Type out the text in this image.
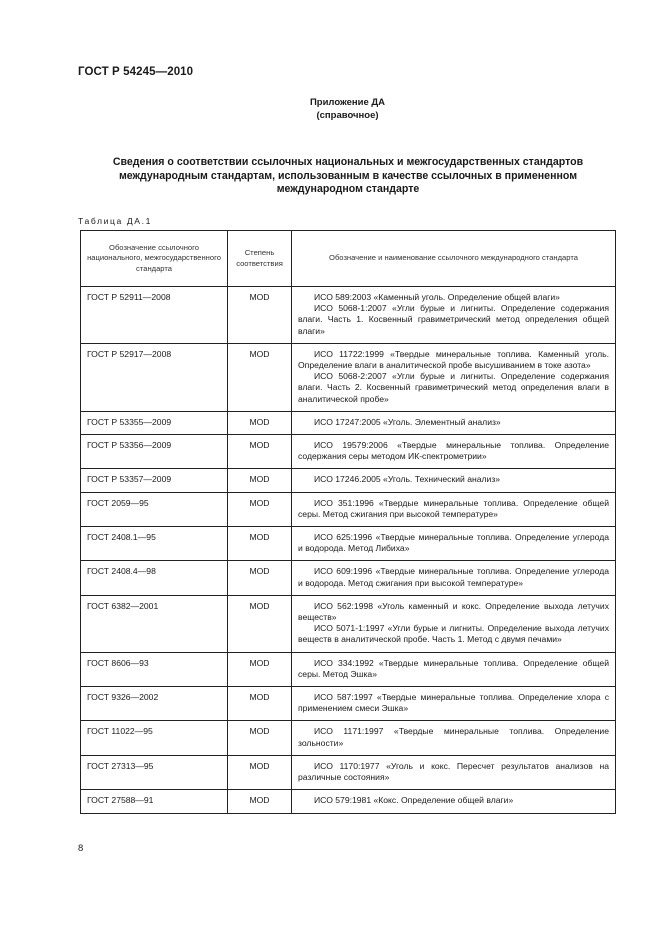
ГОСТ Р 54245—2010
Приложение ДА
(справочное)
Сведения о соответствии ссылочных национальных и межгосударственных стандартов международным стандартам, использованным в качестве ссылочных в примененном международном стандарте
Таблица ДА.1
Обозначение ссылочного национального, межгосударственного стандарта	Степень соответствия	Обозначение и наименование ссылочного международного стандарта
ГОСТ Р 52911—2008	MOD	ИСО 589:2003 «Каменный уголь. Определение общей влаги»
ИСО 5068-1:2007 «Угли бурые и лигниты. Определение содержания влаги. Часть 1. Косвенный гравиметрический метод определения общей влаги»

ГОСТ Р 52917—2008	MOD	ИСО 11722:1999 «Твердые минеральные топлива. Каменный уголь. Определение влаги в аналитической пробе высушиванием в токе азота»
ИСО 5068-2:2007 «Угли бурые и лигниты. Определение содержания влаги. Часть 2. Косвенный гравиметрический метод определения влаги в аналитической пробе»

ГОСТ Р 53355—2009	MOD	ИСО 17247:2005 «Уголь. Элементный анализ»

ГОСТ Р 53356—2009	MOD	ИСО 19579:2006 «Твердые минеральные топлива. Определение содержания серы методом ИК-спектрометрии»

ГОСТ Р 53357—2009	MOD	ИСО 17246.2005 «Уголь. Технический анализ»

ГОСТ 2059—95	MOD	ИСО 351:1996 «Твердые минеральные топлива. Определение общей серы. Метод сжигания при высокой температуре»

ГОСТ 2408.1—95	MOD	ИСО 625:1996 «Твердые минеральные топлива. Определение углерода и водорода. Метод Либиха»

ГОСТ 2408.4—98	MOD	ИСО 609:1996 «Твердые минеральные топлива. Определение углерода и водорода. Метод сжигания при высокой температуре»

ГОСТ 6382—2001	MOD	ИСО 562:1998 «Уголь каменный и кокс. Определение выхода летучих веществ»
ИСО 5071-1:1997 «Угли бурые и лигниты. Определение выхода летучих веществ в аналитической пробе. Часть 1. Метод с двумя печами»

ГОСТ 8606—93	MOD	ИСО 334:1992 «Твердые минеральные топлива. Определение общей серы. Метод Эшка»

ГОСТ 9326—2002	MOD	ИСО 587:1997 «Твердые минеральные топлива. Определение хлора с применением смеси Эшка»

ГОСТ 11022—95	MOD	ИСО 1171:1997 «Твердые минеральные топлива. Определение зольности»

ГОСТ 27313—95	MOD	ИСО 1170:1977 «Уголь и кокс. Пересчет результатов анализов на различные состояния»

ГОСТ 27588—91	MOD	ИСО 579:1981 «Кокс. Определение общей влаги»
8
